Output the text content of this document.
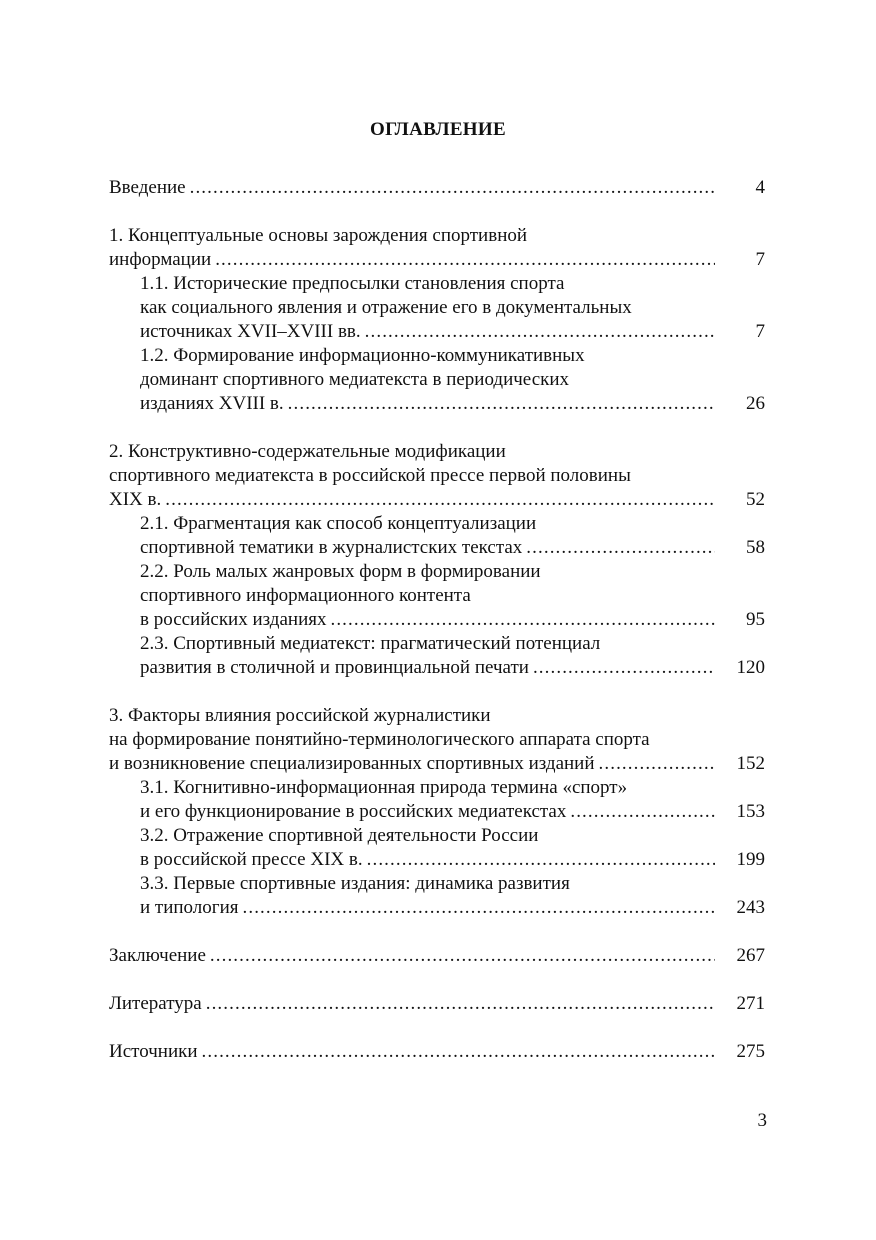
ОГЛАВЛЕНИЕ
Введение .....	4
1. Концептуальные основы зарождения спортивной
информации .....	7
1.1. Исторические предпосылки становления спорта
как социального явления и отражение его в документальных
источниках XVII–XVIII вв. .....	7
1.2. Формирование информационно-коммуникативных
доминант спортивного медиатекста в периодических
изданиях XVIII в. .....	26
2. Конструктивно-содержательные модификации
спортивного медиатекста в российской прессе первой половины
XIX в. .....	52
2.1. Фрагментация как способ концептуализации
спортивной тематики в журналистских текстах .....	58
2.2. Роль малых жанровых форм в формировании
спортивного информационного контента
в российских изданиях .....	95
2.3. Спортивный медиатекст: прагматический потенциал
развития в столичной и провинциальной печати .....	120
3. Факторы влияния российской журналистики
на формирование понятийно-терминологического аппарата спорта
и возникновение специализированных спортивных изданий .....	152
3.1. Когнитивно-информационная природа термина «спорт»
и его функционирование в российских медиатекстах .....	153
3.2. Отражение спортивной деятельности России
в российской прессе XIX в. .....	199
3.3. Первые спортивные издания: динамика развития
и типология .....	243
Заключение .....	267
Литература .....	271
Источники .....	275
3
